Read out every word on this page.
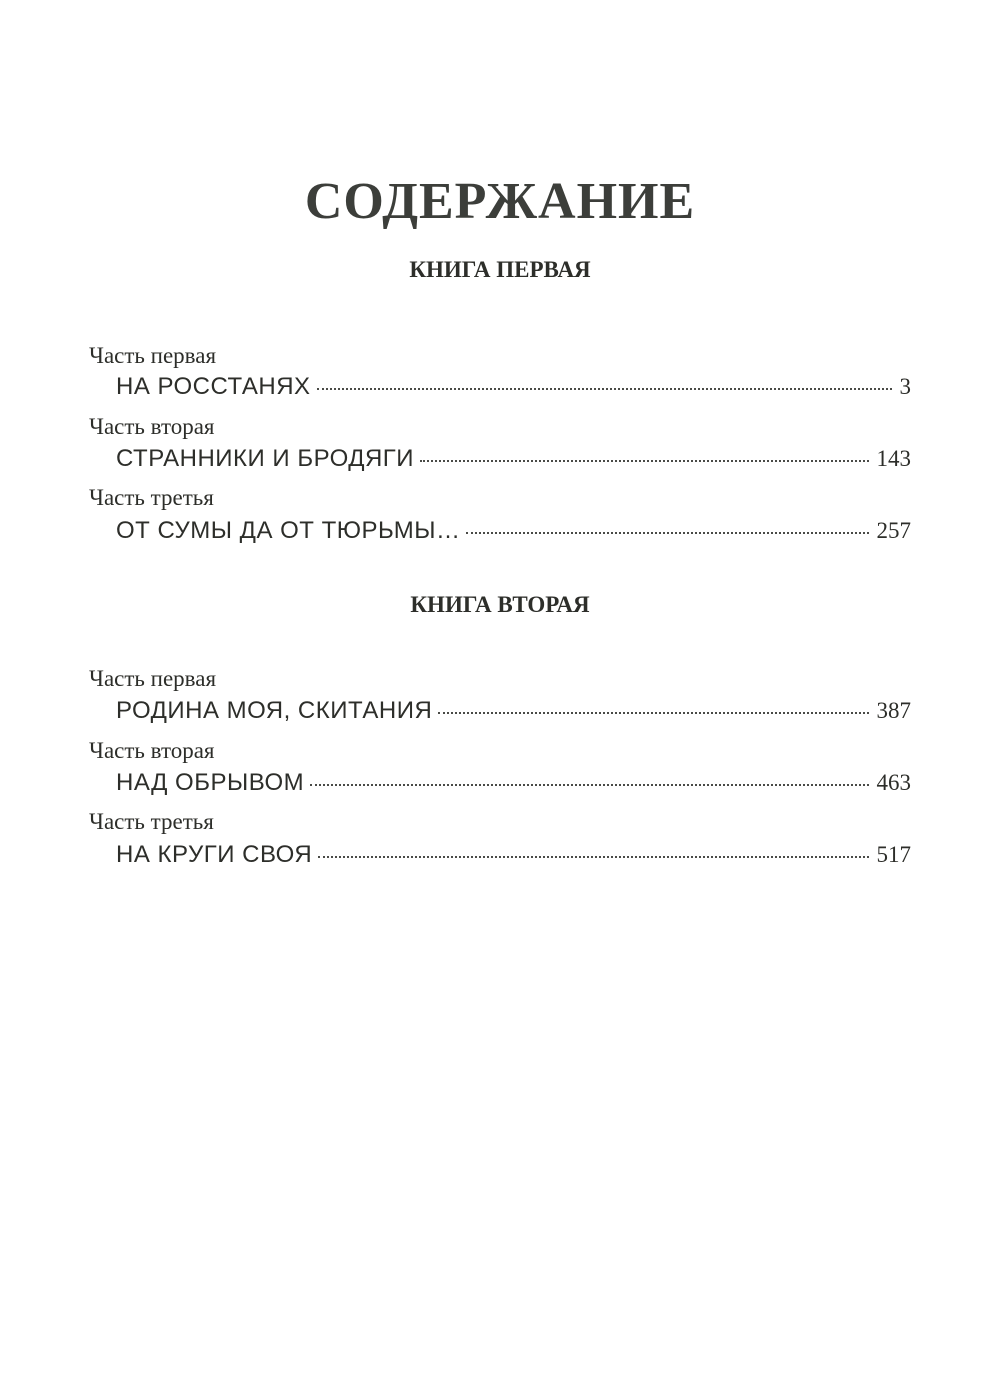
СОДЕРЖАНИЕ
КНИГА ПЕРВАЯ
Часть первая
НА РОССТАНЯХ	3
Часть вторая
СТРАННИКИ И БРОДЯГИ	143
Часть третья
ОТ СУМЫ ДА ОТ ТЮРЬМЫ…	257
КНИГА ВТОРАЯ
Часть первая
РОДИНА МОЯ, СКИТАНИЯ	387
Часть вторая
НАД ОБРЫВОМ	463
Часть третья
НА КРУГИ СВОЯ	517
